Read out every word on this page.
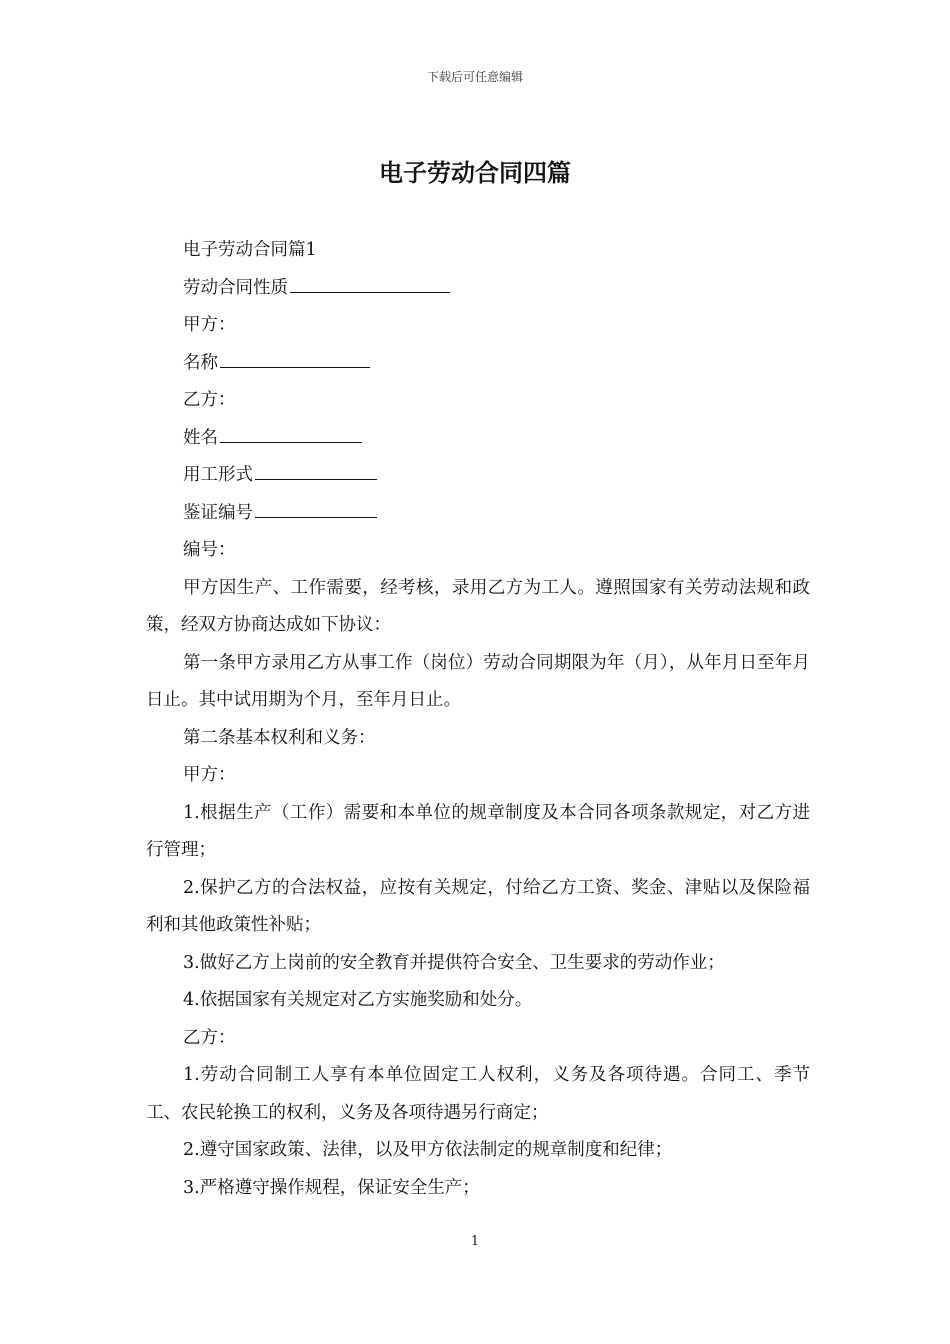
下载后可任意编辑
电子劳动合同四篇

电子劳动合同篇1

劳动合同性质

甲方：

名称

乙方：

姓名

用工形式

鉴证编号

编号：

甲方因生产、工作需要，经考核，录用乙方为工人。遵照国家有关劳动法规和政策，经双方协商达成如下协议：

第一条甲方录用乙方从事工作（岗位）劳动合同期限为年（月），从年月日至年月日止。其中试用期为个月，至年月日止。

第二条基本权利和义务：

甲方：

1.根据生产（工作）需要和本单位的规章制度及本合同各项条款规定，对乙方进行管理；

2.保护乙方的合法权益，应按有关规定，付给乙方工资、奖金、津贴以及保险福利和其他政策性补贴；

3.做好乙方上岗前的安全教育并提供符合安全、卫生要求的劳动作业；

4.依据国家有关规定对乙方实施奖励和处分。

乙方：

1.劳动合同制工人享有本单位固定工人权利，义务及各项待遇。合同工、季节工、农民轮换工的权利，义务及各项待遇另行商定；

2.遵守国家政策、法律，以及甲方依法制定的规章制度和纪律；

3.严格遵守操作规程，保证安全生产；

1
